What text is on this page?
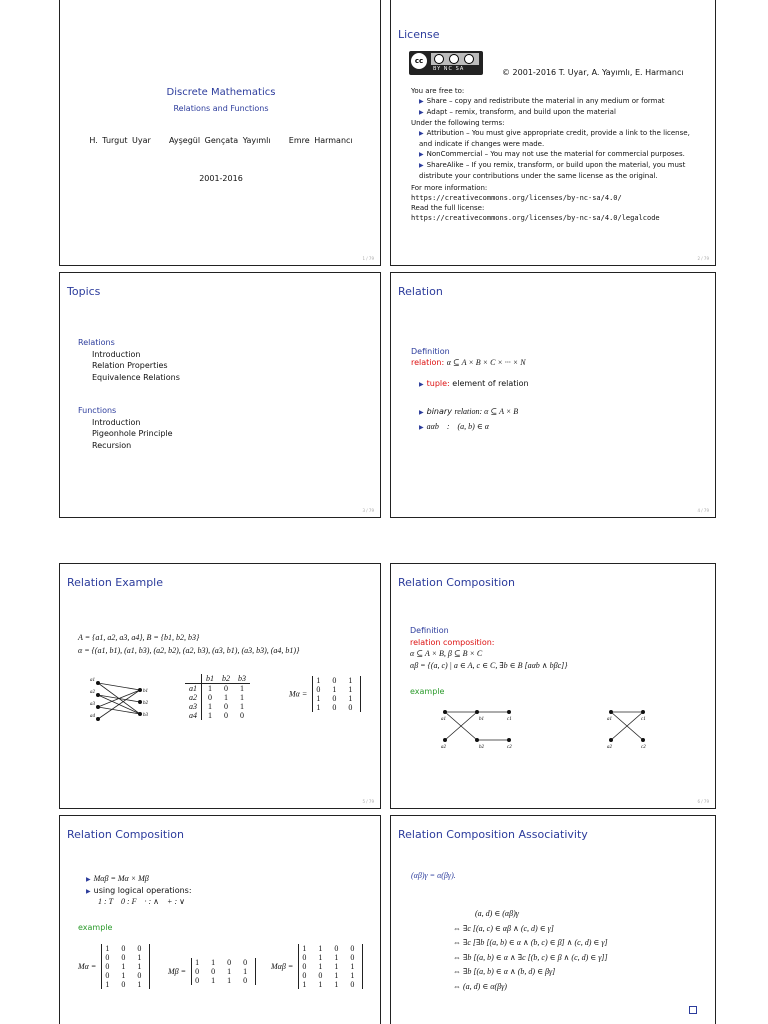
Discrete Mathematics
Relations and Functions
H. Turgut Uyar Ayşegül Gençata Yayımlı Emre Harmancı
2001-2016
1 / 79
License
cc
BY NC SA	© 2001-2016 T. Uyar, A. Yayımlı, E. Harmancı
You are free to:
▶ Share – copy and redistribute the material in any medium or format
▶ Adapt – remix, transform, and build upon the material
Under the following terms:
▶ Attribution – You must give appropriate credit, provide a link to the license, and indicate if changes were made.
▶ NonCommercial – You may not use the material for commercial purposes.
▶ ShareAlike – If you remix, transform, or build upon the material, you must distribute your contributions under the same license as the original.
For more information:
https://creativecommons.org/licenses/by-nc-sa/4.0/
Read the full license:
https://creativecommons.org/licenses/by-nc-sa/4.0/legalcode
2 / 79
Topics
Relations
Introduction
Relation Properties
Equivalence Relations
Functions
Introduction
Pigeonhole Principle
Recursion
3 / 79
Relation
Definition
relation: α ⊆ A × B × C × ··· × N
▶ tuple: element of relation
▶ binary relation: α ⊆ A × B
▶ aαb    :    (a, b) ∈ α
4 / 79
Relation Example
A = {a1, a2, a3, a4}, B = {b1, b2, b3}
α = {(a1, b1), (a1, b3), (a2, b2), (a2, b3), (a3, b1), (a3, b3), (a4, b1)}
a1
a2
a3
a4
b1
b2
b3
	b1	b2	b3
a1	1	0	1
a2	0	1	1
a3	1	0	1
a4	1	0	0
Mα =
1 0 1
0 1 1
1 0 1
1 0 0
5 / 79
Relation Composition
Definition
relation composition:
α ⊆ A × B, β ⊆ B × C
αβ = {(a, c) | a ∈ A, c ∈ C, ∃b ∈ B [aαb ∧ bβc]}
example
a1	b1	c1
a2	b2	c2
a1	c1
a2	c2
6 / 79
Relation Composition
▶ Mαβ = Mα × Mβ
▶ using logical operations:
1 : T    0 : F    · : ∧    + : ∨
example
Mα =
1 0 0
0 0 1
0 1 1
0 1 0
1 0 1
Mβ =
1 1 0 0
0 0 1 1
0 1 1 0
Mαβ =
1 1 0 0
0 1 1 0
0 1 1 1
0 0 1 1
1 1 1 0
Relation Composition Associativity
(αβ)γ = α(βγ).
(a, d) ∈ (αβ)γ
⇔ ∃c [(a, c) ∈ αβ ∧ (c, d) ∈ γ]
⇔ ∃c [∃b [(a, b) ∈ α ∧ (b, c) ∈ β] ∧ (c, d) ∈ γ]
⇔ ∃b [(a, b) ∈ α ∧ ∃c [(b, c) ∈ β ∧ (c, d) ∈ γ]]
⇔ ∃b [(a, b) ∈ α ∧ (b, d) ∈ βγ]
⇔ (a, d) ∈ α(βγ)
